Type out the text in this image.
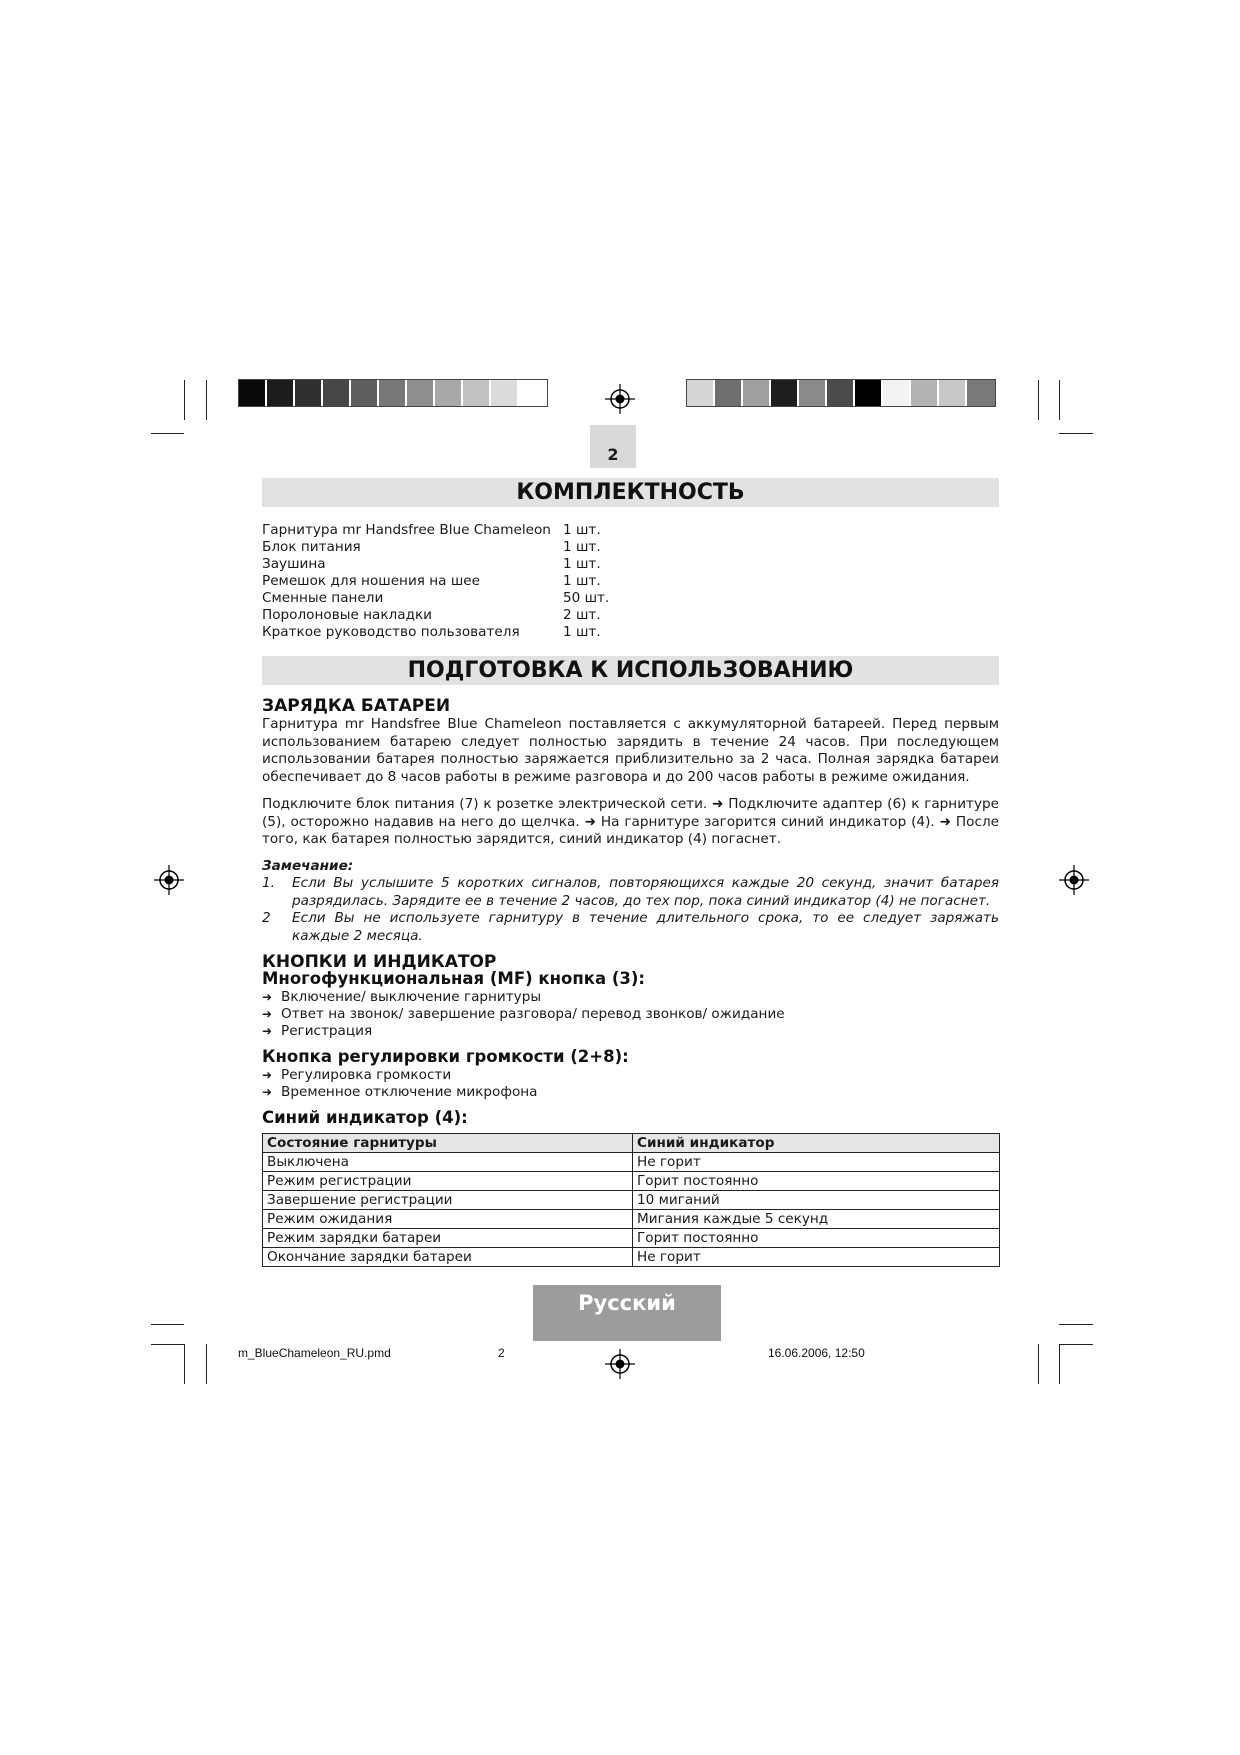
2
КОМПЛЕКТНОСТЬ
Гарнитура mr Handsfree Blue Chameleon 1 шт.
Блок питания	1 шт.
Заушина	1 шт.
Ремешок для ношения на шее	1 шт.
Сменные панели	50 шт.
Поролоновые накладки	2 шт.
Краткое руководство пользователя	1 шт.
ПОДГОТОВКА К ИСПОЛЬЗОВАНИЮ
ЗАРЯДКА БАТАРЕИ
Гарнитура mr Handsfree Blue Chameleon поставляется с аккумуляторной батареей. Перед первым использованием батарею следует полностью зарядить в течение 24 часов. При последующем использовании батарея полностью заряжается приблизительно за 2 часа. Полная зарядка батареи обеспечивает до 8 часов работы в режиме разговора и до 200 часов работы в режиме ожидания.
Подключите блок питания (7) к розетке электрической сети. ➜ Подключите адаптер (6) к гарнитуре (5), осторожно надавив на него до щелчка. ➜ На гарнитуре загорится синий индикатор (4). ➜ После того, как батарея полностью зарядится, синий индикатор (4) погаснет.
Замечание:
1.	Если Вы услышите 5 коротких сигналов, повторяющихся каждые 20 секунд, значит батарея разрядилась. Зарядите ее в течение 2 часов, до тех пор, пока синий индикатор (4) не погаснет.
2	Если Вы не используете гарнитуру в течение длительного срока, то ее следует заряжать каждые 2 месяца.
КНОПКИ И ИНДИКАТОР
Многофункциональная (MF) кнопка (3):
➜ Включение/ выключение гарнитуры
➜ Ответ на звонок/ завершение разговора/ перевод звонков/ ожидание
➜ Регистрация
Кнопка регулировки громкости (2+8):
➜ Регулировка громкости
➜ Временное отключение микрофона
Синий индикатор (4):
Состояние гарнитуры	Синий индикатор
Выключена	Не горит
Режим регистрации	Горит постоянно
Завершение регистрации	10 миганий
Режим ожидания	Мигания каждые 5 секунд
Режим зарядки батареи	Горит постоянно
Окончание зарядки батареи	Не горит
Русский
m_BlueChameleon_RU.pmd	2	16.06.2006, 12:50
